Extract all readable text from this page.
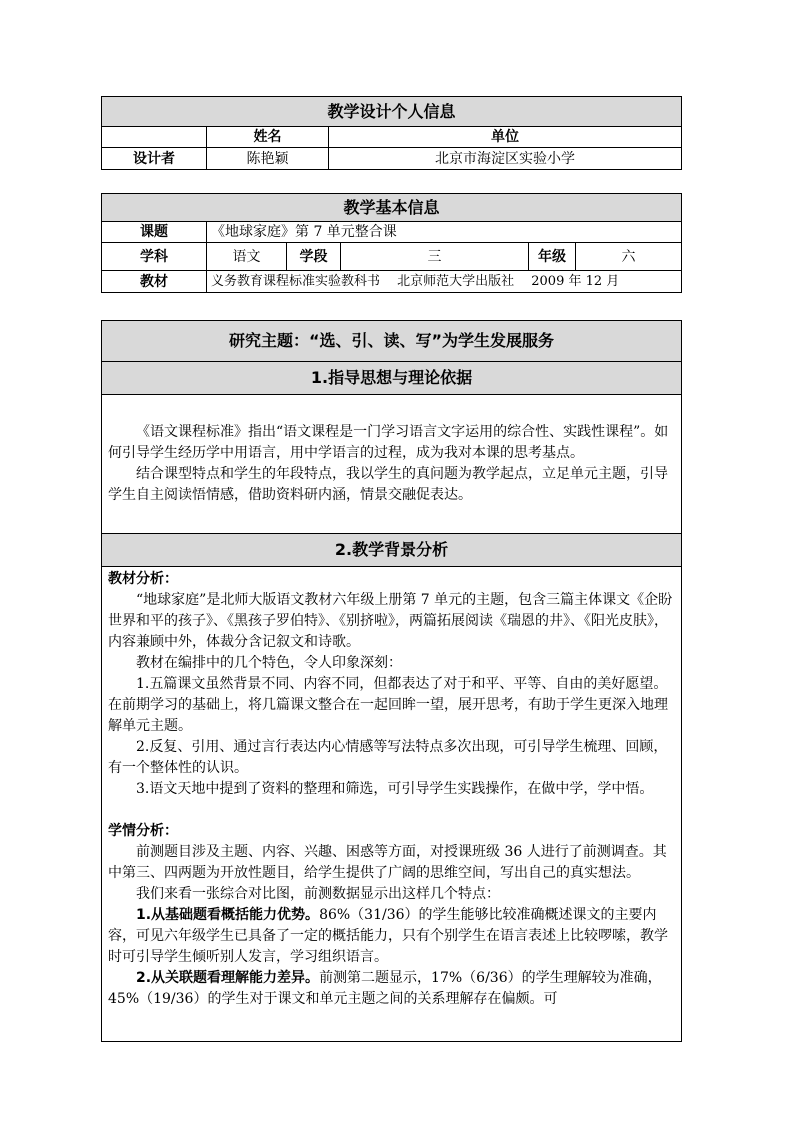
教学设计个人信息		
	姓名	单位
设计者	陈艳颖	北京市海淀区实验小学
教学基本信息					
课题	《地球家庭》第 7 单元整合课				
学科	语文	学段	三	年级	六
教材	义务教育课程标准实验教科书　 北京师范大学出版社　 2009 年 12 月				
研究主题：“选、引、读、写”为学生发展服务
1.指导思想与理论依据

《语文课程标准》指出“语文课程是一门学习语言文字运用的综合性、实践性课程”。如何引导学生经历学中用语言，用中学语言的过程，成为我对本课的思考基点。

结合课型特点和学生的年段特点，我以学生的真问题为教学起点，立足单元主题，引导学生自主阅读悟情感，借助资料研内涵，情景交融促表达。

2.教学背景分析

教材分析：

“地球家庭”是北师大版语文教材六年级上册第 7 单元的主题，包含三篇主体课文《企盼世界和平的孩子》、《黑孩子罗伯特》、《别挤啦》，两篇拓展阅读《瑞恩的井》、《阳光皮肤》，内容兼顾中外，体裁分含记叙文和诗歌。

教材在编排中的几个特色，令人印象深刻：

1.五篇课文虽然背景不同、内容不同，但都表达了对于和平、平等、自由的美好愿望。在前期学习的基础上，将几篇课文整合在一起回眸一望，展开思考，有助于学生更深入地理解单元主题。

2.反复、引用、通过言行表达内心情感等写法特点多次出现，可引导学生梳理、回顾，有一个整体性的认识。

3.语文天地中提到了资料的整理和筛选，可引导学生实践操作，在做中学，学中悟。

学情分析：

前测题目涉及主题、内容、兴趣、困惑等方面，对授课班级 36 人进行了前测调查。其中第三、四两题为开放性题目，给学生提供了广阔的思维空间，写出自己的真实想法。

我们来看一张综合对比图，前测数据显示出这样几个特点：

1.从基础题看概括能力优势。86%（31/36）的学生能够比较准确概述课文的主要内容，可见六年级学生已具备了一定的概括能力，只有个别学生在语言表述上比较啰嗦，教学时可引导学生倾听别人发言，学习组织语言。

2.从关联题看理解能力差异。前测第二题显示，17%（6/36）的学生理解较为准确，45%（19/36）的学生对于课文和单元主题之间的关系理解存在偏颇。可
